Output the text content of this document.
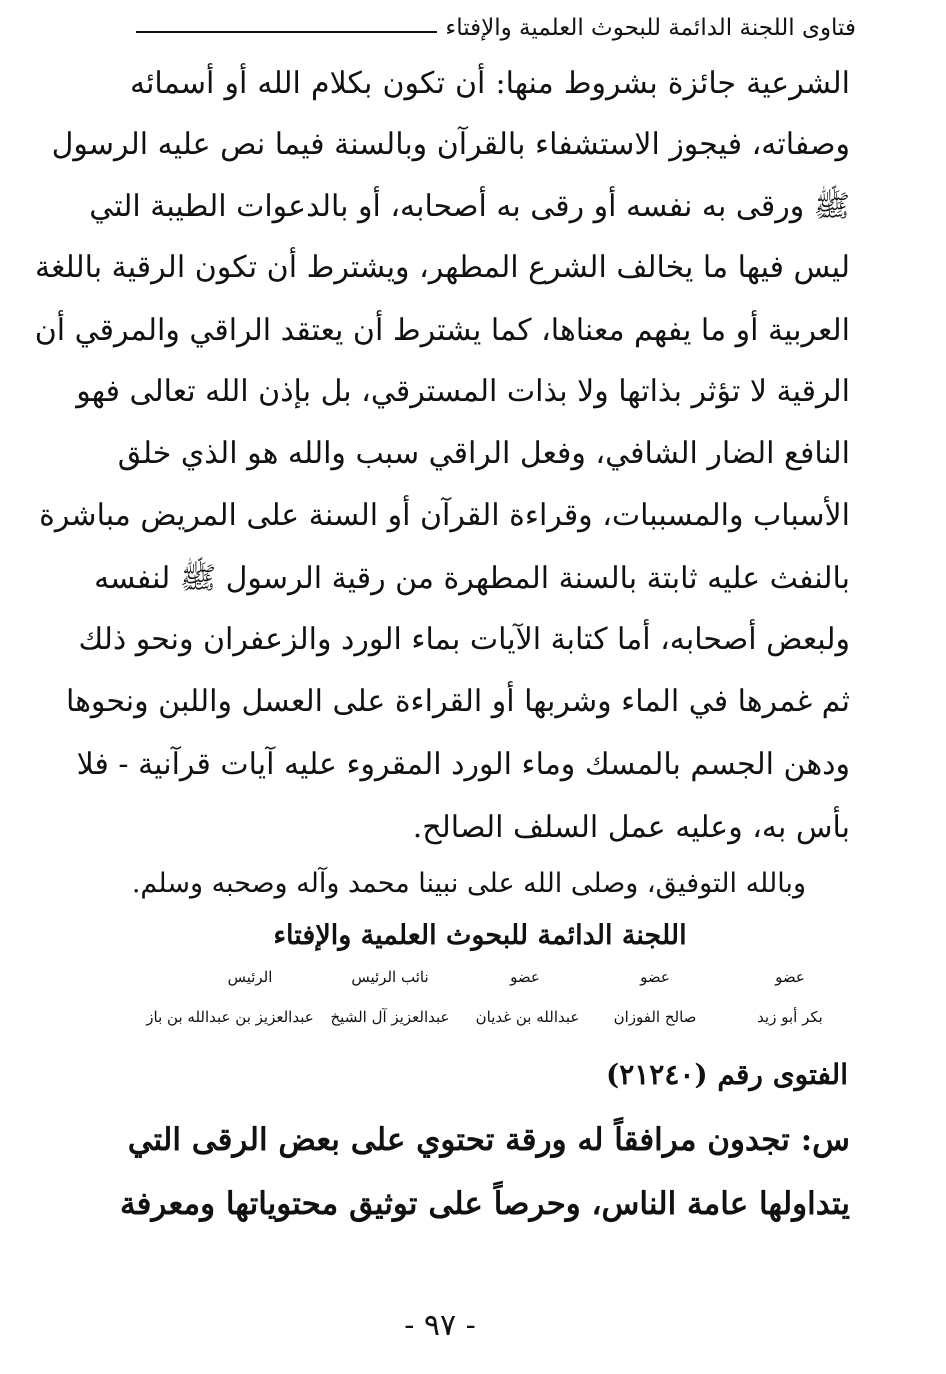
فتاوى اللجنة الدائمة للبحوث العلمية والإفتاء
الشرعية جائزة بشروط منها: أن تكون بكلام الله أو أسمائه
وصفاته، فيجوز الاستشفاء بالقرآن وبالسنة فيما نص عليه الرسول
ﷺ ورقى به نفسه أو رقى به أصحابه، أو بالدعوات الطيبة التي
ليس فيها ما يخالف الشرع المطهر، ويشترط أن تكون الرقية باللغة
العربية أو ما يفهم معناها، كما يشترط أن يعتقد الراقي والمرقي أن
الرقية لا تؤثر بذاتها ولا بذات المسترقي، بل بإذن الله تعالى فهو
النافع الضار الشافي، وفعل الراقي سبب والله هو الذي خلق
الأسباب والمسببات، وقراءة القرآن أو السنة على المريض مباشرة
بالنفث عليه ثابتة بالسنة المطهرة من رقية الرسول ﷺ لنفسه
ولبعض أصحابه، أما كتابة الآيات بماء الورد والزعفران ونحو ذلك
ثم غمرها في الماء وشربها أو القراءة على العسل واللبن ونحوها
ودهن الجسم بالمسك وماء الورد المقروء عليه آيات قرآنية - فلا
بأس به، وعليه عمل السلف الصالح.
وبالله التوفيق، وصلى الله على نبينا محمد وآله وصحبه وسلم.
اللجنة الدائمة للبحوث العلمية والإفتاء
الرئيس	نائب الرئيس	عضو	عضو	عضو
عبدالعزيز بن عبدالله بن باز	عبدالعزيز آل الشيخ	عبدالله بن غديان	صالح الفوزان	بكر أبو زيد
الفتوى رقم (٢١٢٤٠)
س: تجدون مرافقاً له ورقة تحتوي على بعض الرقى التي
يتداولها عامة الناس، وحرصاً على توثيق محتوياتها ومعرفة
- ٩٧ -
